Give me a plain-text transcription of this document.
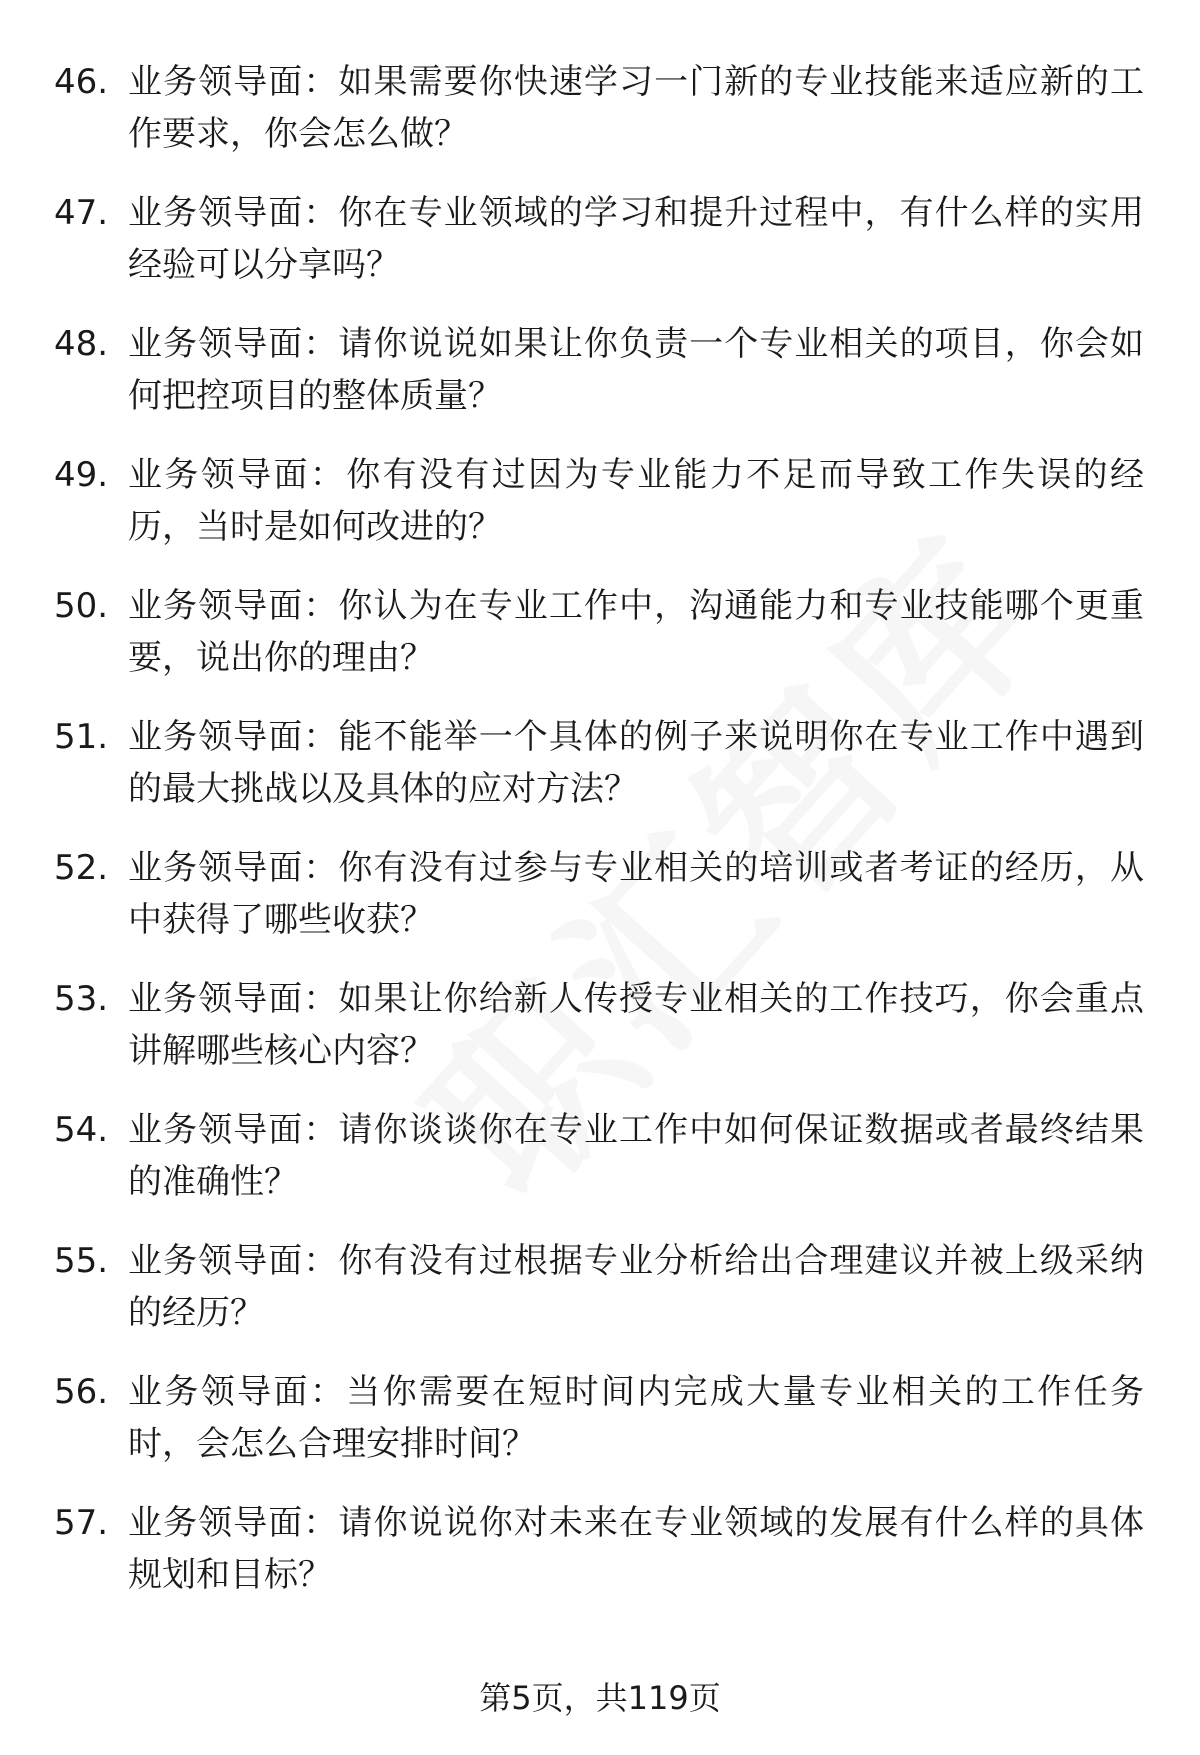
46. 业务领导面：如果需要你快速学习一门新的专业技能来适应新的工作要求，你会怎么做？
47. 业务领导面：你在专业领域的学习和提升过程中，有什么样的实用经验可以分享吗？
48. 业务领导面：请你说说如果让你负责一个专业相关的项目，你会如何把控项目的整体质量？
49. 业务领导面：你有没有过因为专业能力不足而导致工作失误的经历，当时是如何改进的？
50. 业务领导面：你认为在专业工作中，沟通能力和专业技能哪个更重要，说出你的理由？
51. 业务领导面：能不能举一个具体的例子来说明你在专业工作中遇到的最大挑战以及具体的应对方法？
52. 业务领导面：你有没有过参与专业相关的培训或者考证的经历，从中获得了哪些收获？
53. 业务领导面：如果让你给新人传授专业相关的工作技巧，你会重点讲解哪些核心内容？
54. 业务领导面：请你谈谈你在专业工作中如何保证数据或者最终结果的准确性？
55. 业务领导面：你有没有过根据专业分析给出合理建议并被上级采纳的经历？
56. 业务领导面：当你需要在短时间内完成大量专业相关的工作任务时，会怎么合理安排时间？
57. 业务领导面：请你说说你对未来在专业领域的发展有什么样的具体规划和目标？
第5页，共119页
